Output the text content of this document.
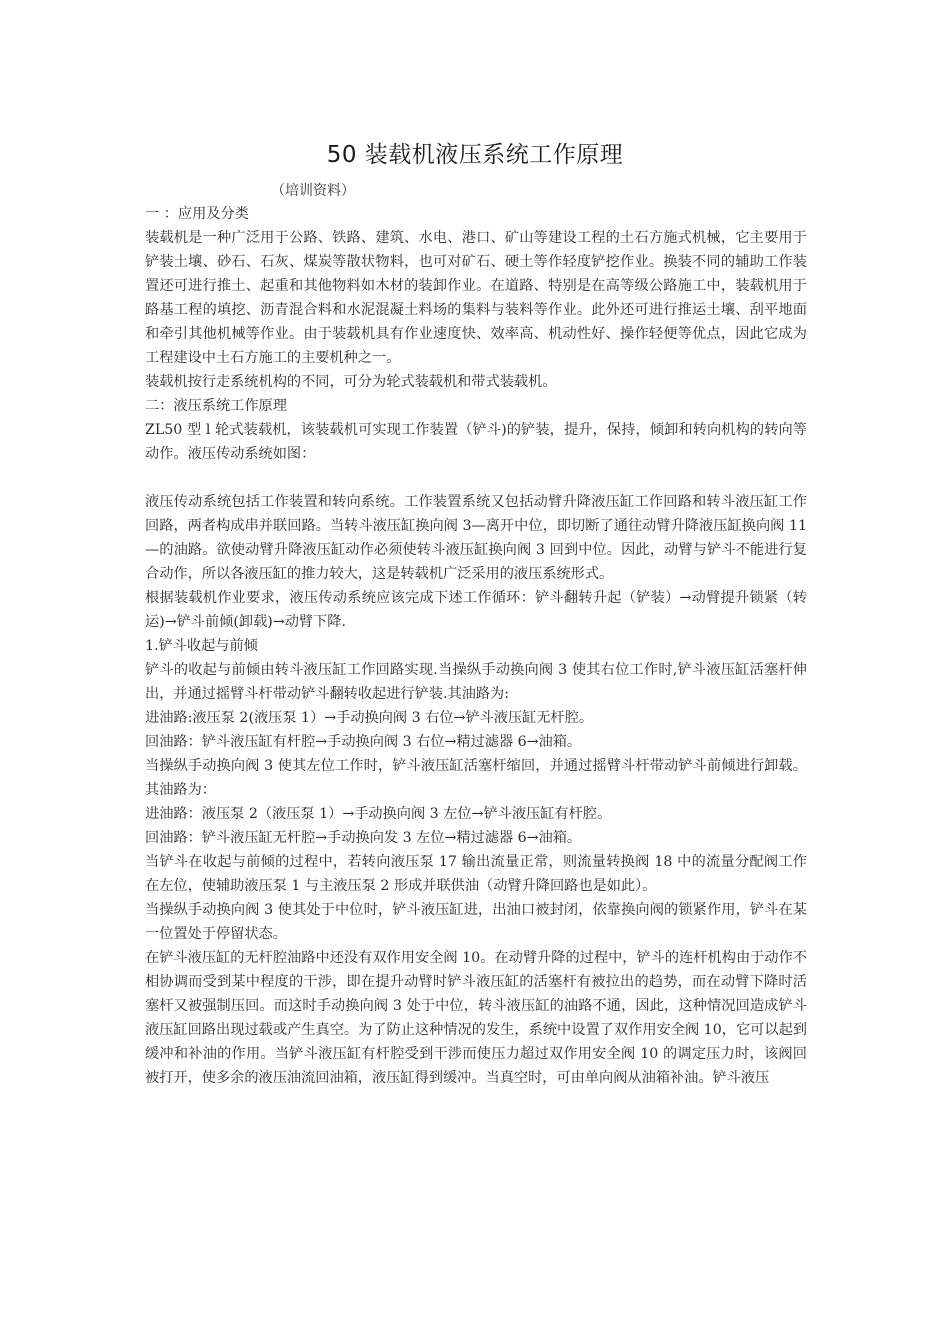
50 装载机液压系统工作原理
（培训资料）

一 ：应用及分类

装载机是一种广泛用于公路、铁路、建筑、水电、港口、矿山等建设工程的土石方施式机械，它主要用于铲装土壤、砂石、石灰、煤炭等散状物料，也可对矿石、硬土等作轻度铲挖作业。换装不同的辅助工作装置还可进行推土、起重和其他物料如木材的装卸作业。在道路、特别是在高等级公路施工中，装载机用于路基工程的填挖、沥青混合料和水泥混凝土料场的集料与装料等作业。此外还可进行推运土壤、刮平地面和牵引其他机械等作业。由于装载机具有作业速度快、效率高、机动性好、操作轻便等优点，因此它成为工程建设中土石方施工的主要机种之一。

装载机按行走系统机构的不同，可分为轮式装载机和带式装载机。

二：液压系统工作原理

ZL50 型 l 轮式装载机，该装载机可实现工作装置（铲斗)的铲装，提升，保持，倾卸和转向机构的转向等动作。液压传动系统如图：

液压传动系统包括工作装置和转向系统。工作装置系统又包括动臂升降液压缸工作回路和转斗液压缸工作回路，两者构成串并联回路。当转斗液压缸换向阀 3—离开中位，即切断了通往动臂升降液压缸换向阀 11—的油路。欲使动臂升降液压缸动作必须使转斗液压缸换向阀 3 回到中位。因此，动臂与铲斗不能进行复合动作，所以各液压缸的推力较大，这是转载机广泛采用的液压系统形式。

根据装载机作业要求，液压传动系统应该完成下述工作循环：铲斗翻转升起（铲装）→动臂提升锁紧（转运)→铲斗前倾(卸载)→动臂下降.

1.铲斗收起与前倾

铲斗的收起与前倾由转斗液压缸工作回路实现.当操纵手动换向阀 3 使其右位工作时,铲斗液压缸活塞杆伸出，并通过摇臂斗杆带动铲斗翻转收起进行铲装.其油路为:

进油路:液压泵 2(液压泵 1）→手动换向阀 3 右位→铲斗液压缸无杆腔。

回油路：铲斗液压缸有杆腔→手动换向阀 3 右位→精过滤器 6→油箱。

当操纵手动换向阀 3 使其左位工作时，铲斗液压缸活塞杆缩回，并通过摇臂斗杆带动铲斗前倾进行卸载。其油路为：

进油路：液压泵 2（液压泵 1）→手动换向阀 3 左位→铲斗液压缸有杆腔。

回油路：铲斗液压缸无杆腔→手动换向发 3 左位→精过滤器 6→油箱。

当铲斗在收起与前倾的过程中，若转向液压泵 17 输出流量正常，则流量转换阀 18 中的流量分配阀工作在左位，使辅助液压泵 1 与主液压泵 2 形成并联供油（动臂升降回路也是如此）。

当操纵手动换向阀 3 使其处于中位时，铲斗液压缸进，出油口被封闭，依靠换向阀的锁紧作用，铲斗在某一位置处于停留状态。

在铲斗液压缸的无杆腔油路中还没有双作用安全阀 10。在动臂升降的过程中，铲斗的连杆机构由于动作不相协调而受到某中程度的干涉，即在提升动臂时铲斗液压缸的活塞杆有被拉出的趋势，而在动臂下降时活塞杆又被强制压回。而这时手动换向阀 3 处于中位，转斗液压缸的油路不通，因此，这种情况回造成铲斗液压缸回路出现过载或产生真空。为了防止这种情况的发生，系统中设置了双作用安全阀 10，它可以起到缓冲和补油的作用。当铲斗液压缸有杆腔受到干涉而使压力超过双作用安全阀 10 的调定压力时，该阀回被打开，使多余的液压油流回油箱，液压缸得到缓冲。当真空时，可由单向阀从油箱补油。铲斗液压
